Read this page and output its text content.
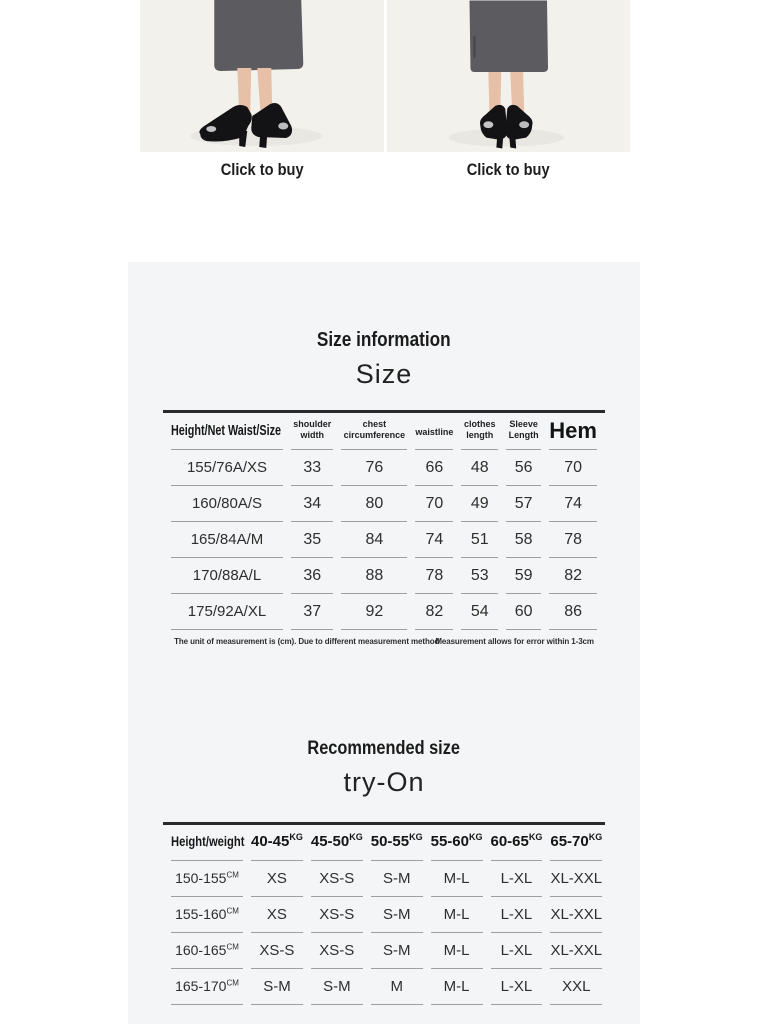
Click to buy	Click to buy
Size information
Size
Height/Net Waist/Size	shoulder width	chest circumference	waistline	clothes length	Sleeve Length	Hem
155/76A/XS	33	76	66	48	56	70
160/80A/S	34	80	70	49	57	74
165/84A/M	35	84	74	51	58	78
170/88A/L	36	88	78	53	59	82
175/92A/XL	37	92	82	54	60	86
The unit of measurement is (cm). Due to different measurement methodMeasurement allows for error within 1-3cm
Recommended size
try-On
Height/weight	$40-45^{KG}$	$45-50^{KG}$	$50-55^{KG}$	$55-60^{KG}$	$60-65^{KG}$	$65-70^{KG}$
$150-155^{CM}$	XS	XS-S	S-M	M-L	L-XL	XL-XXL
$155-160^{CM}$	XS	XS-S	S-M	M-L	L-XL	XL-XXL
$160-165^{CM}$	XS-S	XS-S	S-M	M-L	L-XL	XL-XXL
$165-170^{CM}$	S-M	S-M	M	M-L	L-XL	XXL
